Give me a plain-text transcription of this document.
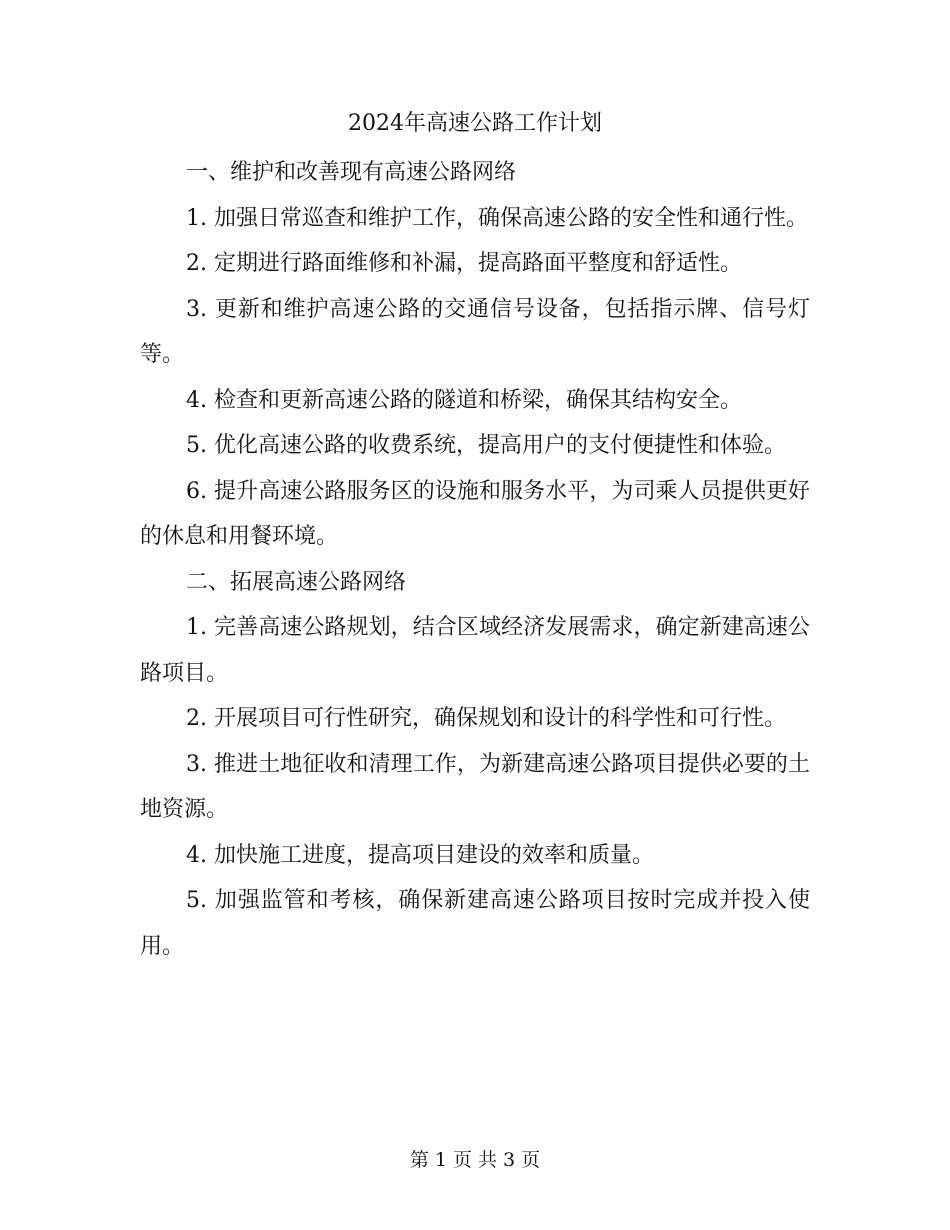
2024年高速公路工作计划

一、维护和改善现有高速公路网络

1. 加强日常巡查和维护工作，确保高速公路的安全性和通行性。

2. 定期进行路面维修和补漏，提高路面平整度和舒适性。

3. 更新和维护高速公路的交通信号设备，包括指示牌、信号灯等。

4. 检查和更新高速公路的隧道和桥梁，确保其结构安全。

5. 优化高速公路的收费系统，提高用户的支付便捷性和体验。

6. 提升高速公路服务区的设施和服务水平，为司乘人员提供更好的休息和用餐环境。

二、拓展高速公路网络

1. 完善高速公路规划，结合区域经济发展需求，确定新建高速公路项目。

2. 开展项目可行性研究，确保规划和设计的科学性和可行性。

3. 推进土地征收和清理工作，为新建高速公路项目提供必要的土地资源。

4. 加快施工进度，提高项目建设的效率和质量。

5. 加强监管和考核，确保新建高速公路项目按时完成并投入使用。

第 1 页 共 3 页
